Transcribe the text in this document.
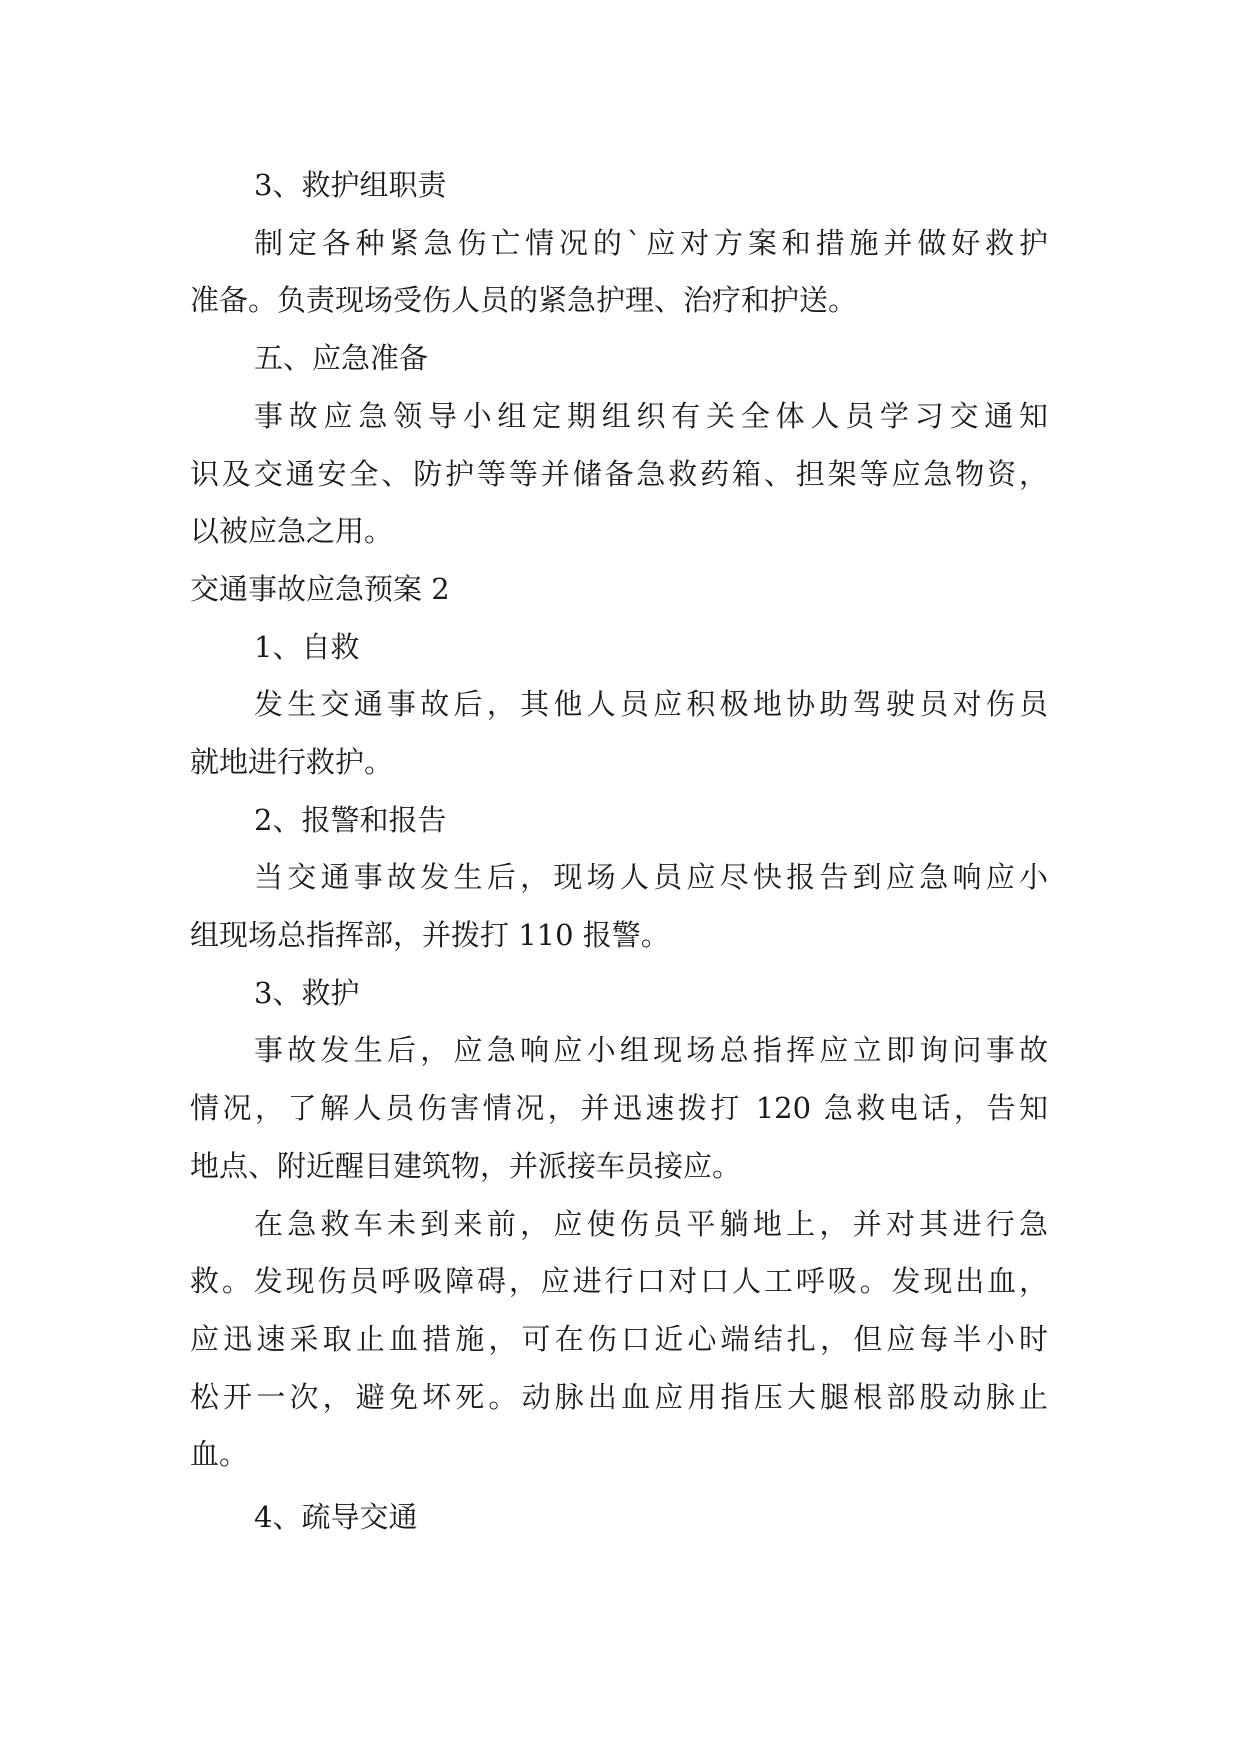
3、救护组职责
制定各种紧急伤亡情况的`应对方案和措施并做好救护
准备。负责现场受伤人员的紧急护理、治疗和护送。
五、应急准备
事故应急领导小组定期组织有关全体人员学习交通知
识及交通安全、防护等等并储备急救药箱、担架等应急物资，
以被应急之用。
交通事故应急预案 2
1、自救
发生交通事故后，其他人员应积极地协助驾驶员对伤员
就地进行救护。
2、报警和报告
当交通事故发生后，现场人员应尽快报告到应急响应小
组现场总指挥部，并拨打 110 报警。
3、救护
事故发生后，应急响应小组现场总指挥应立即询问事故
情况，了解人员伤害情况，并迅速拨打 120 急救电话，告知
地点、附近醒目建筑物，并派接车员接应。
在急救车未到来前，应使伤员平躺地上，并对其进行急
救。发现伤员呼吸障碍，应进行口对口人工呼吸。发现出血，
应迅速采取止血措施，可在伤口近心端结扎，但应每半小时
松开一次，避免坏死。动脉出血应用指压大腿根部股动脉止
血。
4、疏导交通
